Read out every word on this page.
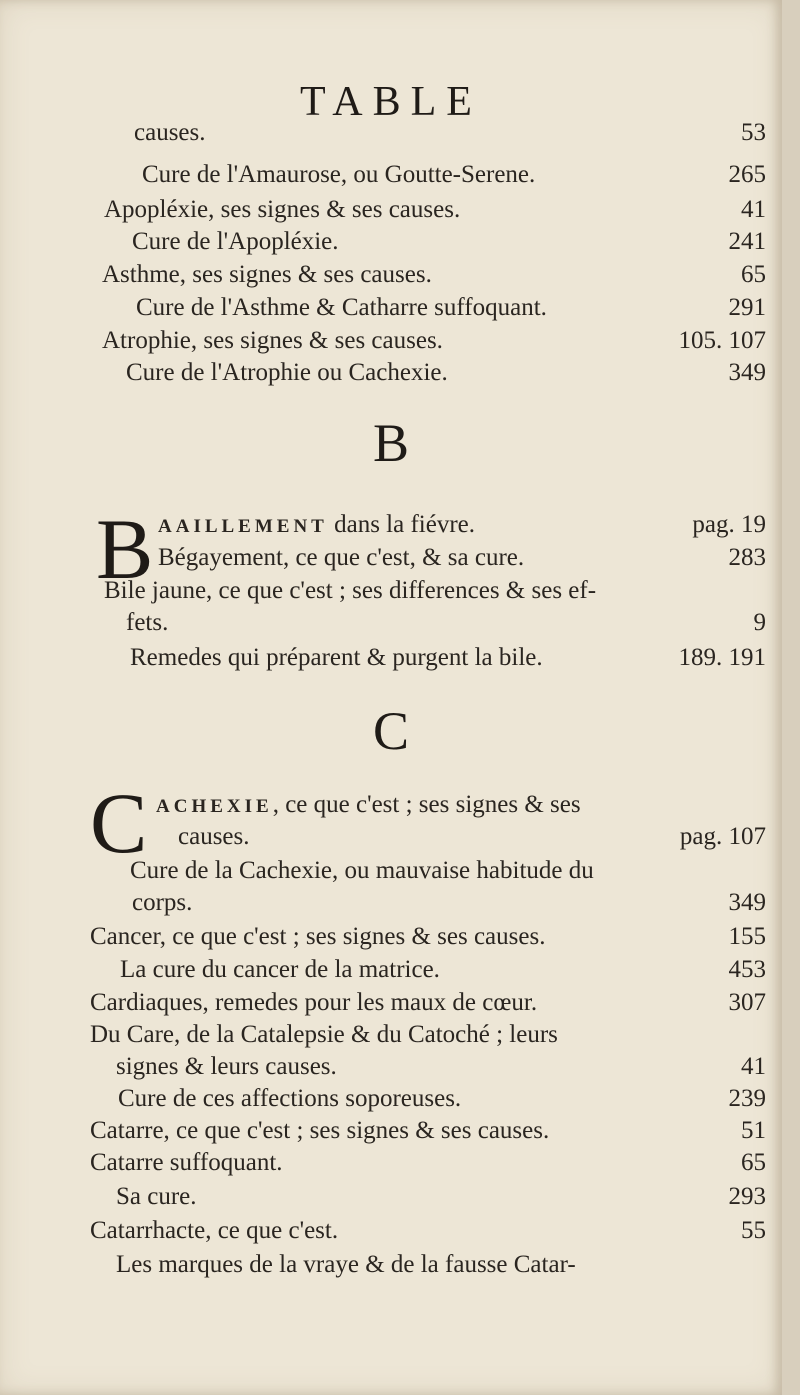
TABLE
causes.	53
Cure de l'Amaurose, ou Goutte-Serene.	265
Apopléxie, ses signes & ses causes.	41
Cure de l'Apopléxie.	241
Asthme, ses signes & ses causes.	65
Cure de l'Asthme & Catharre suffoquant.	291
Atrophie, ses signes & ses causes.	105. 107
Cure de l'Atrophie ou Cachexie.	349
B
B AAILLEMENT dans la fiévre.	pag. 19
Bégayement, ce que c'est, & sa cure.	283
Bile jaune, ce que c'est ; ses differences & ses ef-
fets.	9
Remedes qui préparent & purgent la bile.	189. 191
C
C ACHEXIE, ce que c'est ; ses signes & ses
causes.	pag. 107
Cure de la Cachexie, ou mauvaise habitude du
corps.	349
Cancer, ce que c'est ; ses signes & ses causes.	155
La cure du cancer de la matrice.	453
Cardiaques, remedes pour les maux de cœur.	307
Du Care, de la Catalepsie & du Catoché ; leurs
signes & leurs causes.	41
Cure de ces affections soporeuses.	239
Catarre, ce que c'est ; ses signes & ses causes.	51
Catarre suffoquant.	65
Sa cure.	293
Catarrhacte, ce que c'est.	55
Les marques de la vraye & de la fausse Catar-
